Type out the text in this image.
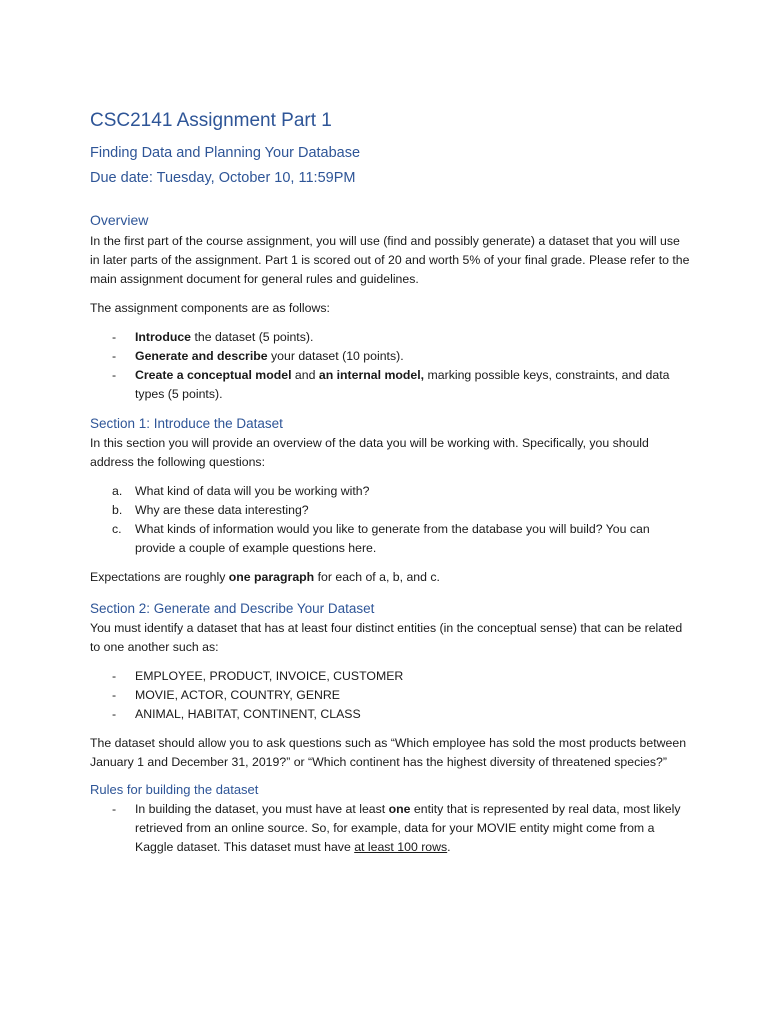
CSC2141 Assignment Part 1
Finding Data and Planning Your Database
Due date: Tuesday, October 10, 11:59PM
Overview

In the first part of the course assignment, you will use (find and possibly generate) a dataset that you will use in later parts of the assignment. Part 1 is scored out of 20 and worth 5% of your final grade. Please refer to the main assignment document for general rules and guidelines.

The assignment components are as follows:

- Introduce the dataset (5 points).
- Generate and describe your dataset (10 points).
- Create a conceptual model and an internal model, marking possible keys, constraints, and data types (5 points).
Section 1: Introduce the Dataset

In this section you will provide an overview of the data you will be working with. Specifically, you should address the following questions:

a. What kind of data will you be working with?
b. Why are these data interesting?
c. What kinds of information would you like to generate from the database you will build? You can provide a couple of example questions here.

Expectations are roughly one paragraph for each of a, b, and c.

Section 2: Generate and Describe Your Dataset

You must identify a dataset that has at least four distinct entities (in the conceptual sense) that can be related to one another such as:

- EMPLOYEE, PRODUCT, INVOICE, CUSTOMER
- MOVIE, ACTOR, COUNTRY, GENRE
- ANIMAL, HABITAT, CONTINENT, CLASS

The dataset should allow you to ask questions such as “Which employee has sold the most products between January 1 and December 31, 2019?” or “Which continent has the highest diversity of threatened species?”

Rules for building the dataset
- In building the dataset, you must have at least one entity that is represented by real data, most likely retrieved from an online source. So, for example, data for your MOVIE entity might come from a Kaggle dataset. This dataset must have at least 100 rows.
